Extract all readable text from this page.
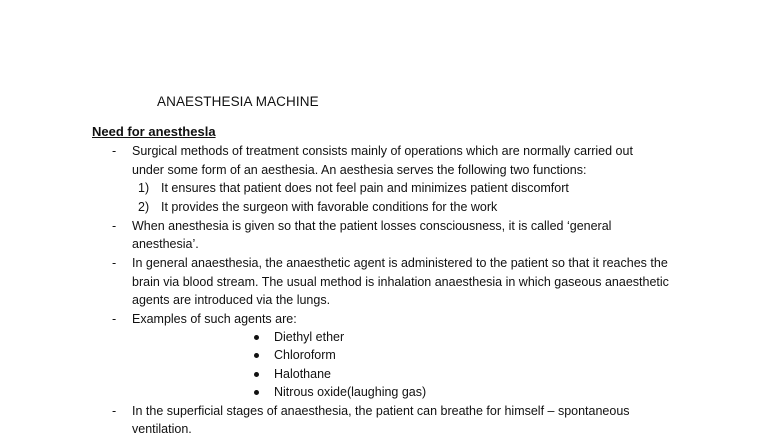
ANAESTHESIA MACHINE
Need for anesthesla
-	Surgical methods of treatment consists mainly of operations which are normally carried out
under some form of an aesthesia. An aesthesia serves the following two functions:
1) It ensures that patient does not feel pain and minimizes patient discomfort
2) It provides the surgeon with favorable conditions for the work
-	When anesthesia is given so that the patient losses consciousness, it is called ‘general
anesthesia’.
-	In general anaesthesia, the anaesthetic agent is administered to the patient so that it reaches the
brain via blood stream. The usual method is inhalation anaesthesia in which gaseous anaesthetic
agents are introduced via the lungs.
-	Examples of such agents are:
Diethyl ether
Chloroform
Halothane
Nitrous oxide(laughing gas)
-	In the superficial stages of anaesthesia, the patient can breathe for himself – spontaneous
ventilation.
